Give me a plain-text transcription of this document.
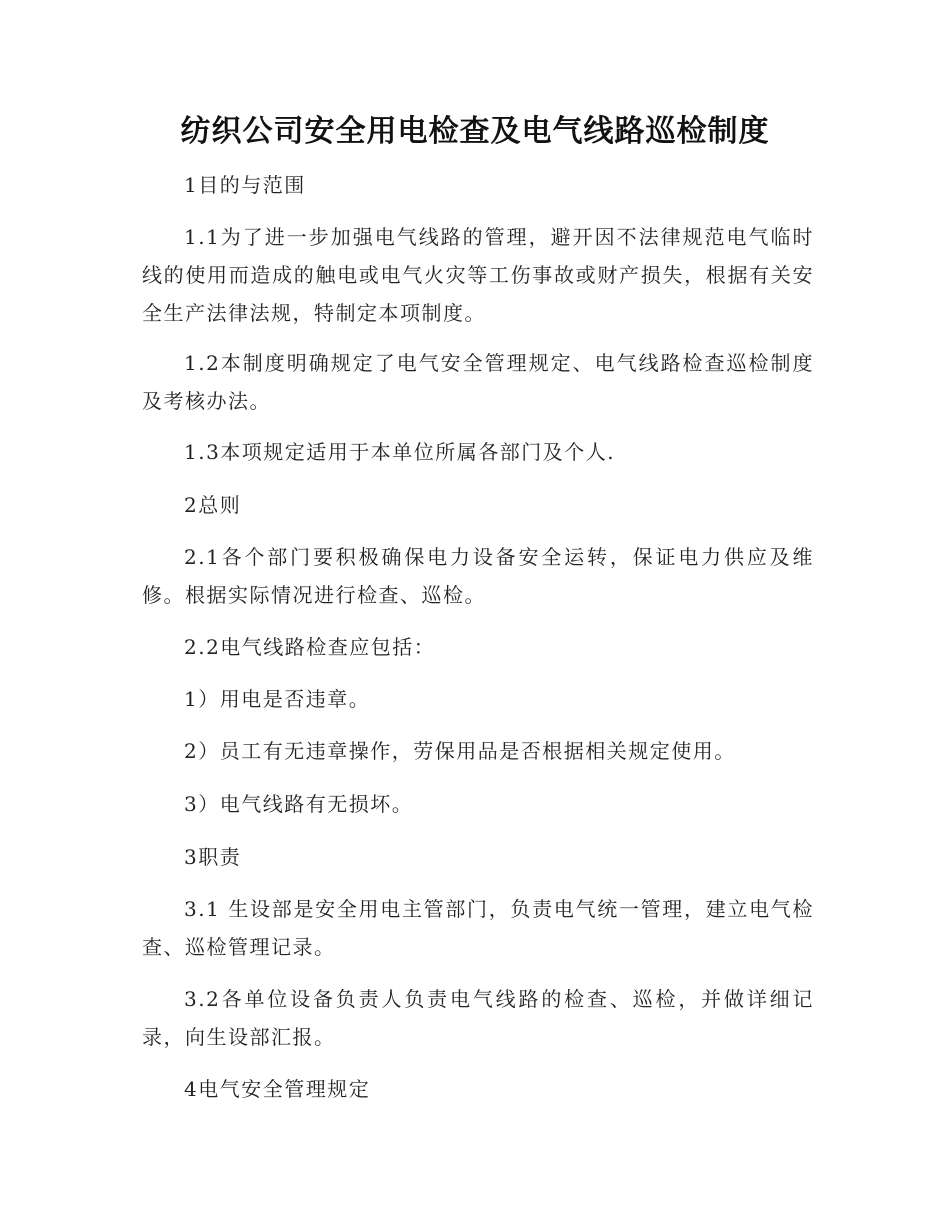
纺织公司安全用电检查及电气线路巡检制度

1目的与范围

1.1为了进一步加强电气线路的管理，避开因不法律规范电气临时线的使用而造成的触电或电气火灾等工伤事故或财产损失，根据有关安全生产法律法规，特制定本项制度。

1.2本制度明确规定了电气安全管理规定、电气线路检查巡检制度及考核办法。

1.3本项规定适用于本单位所属各部门及个人.

2总则

2.1各个部门要积极确保电力设备安全运转，保证电力供应及维修。根据实际情况进行检查、巡检。

2.2电气线路检查应包括：

1）用电是否违章。

2）员工有无违章操作，劳保用品是否根据相关规定使用。

3）电气线路有无损坏。

3职责

3.1 生设部是安全用电主管部门，负责电气统一管理，建立电气检查、巡检管理记录。

3.2各单位设备负责人负责电气线路的检查、巡检，并做详细记录，向生设部汇报。

4电气安全管理规定
